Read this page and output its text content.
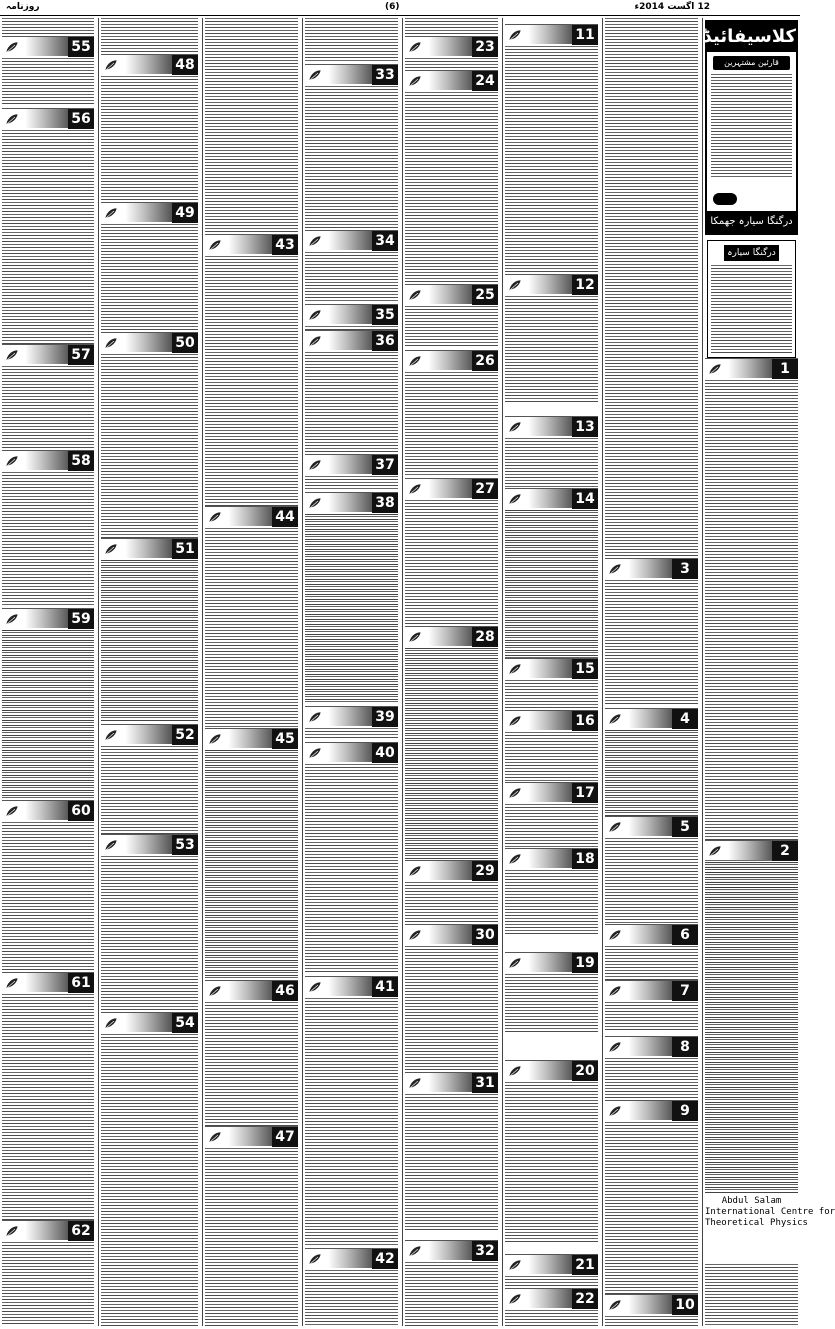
روزنامہ	(6)	12 اگست 2014ء
55
56
57
58
59
60
61
62
48
49
50
51
52
53
54
43
44
45
46
47
33
34
35
36
37
38
39
40
41
42
23
24
25
26
27
28
29
30
31
32
11
12
13
14
15
16
17
18
19
20
21
22
3
4
5
6
7
8
9
10
کلاسیفائیڈ
قارئین مشتہرین
درگنگا سیارہ جھمکا
درگنگا سیارہ
1
2
Abdul Salam
International Centre for
Theoretical Physics
